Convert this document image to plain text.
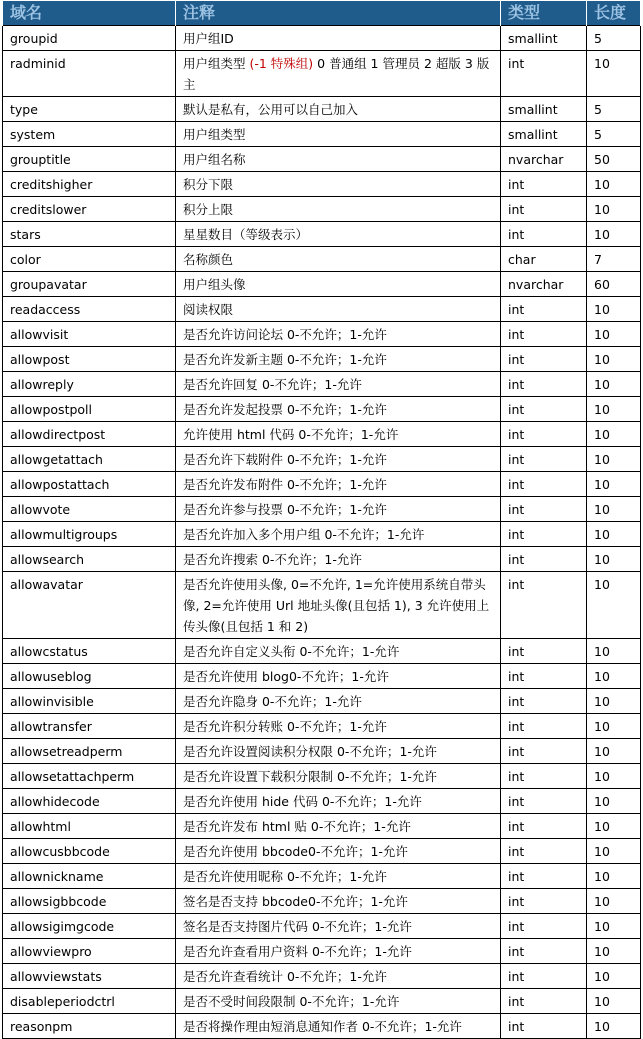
域名	注释	类型	长度
groupid	用户组ID	smallint	5
radminid	用户组类型 (-1 特殊组) 0 普通组 1 管理员 2 超版 3 版主	int	10
type	默认是私有，公用可以自己加入	smallint	5
system	用户组类型	smallint	5
grouptitle	用户组名称	nvarchar	50
creditshigher	积分下限	int	10
creditslower	积分上限	int	10
stars	星星数目（等级表示）	int	10
color	名称颜色	char	7
groupavatar	用户组头像	nvarchar	60
readaccess	阅读权限	int	10
allowvisit	是否允许访问论坛 0-不允许；1-允许	int	10
allowpost	是否允许发新主题 0-不允许；1-允许	int	10
allowreply	是否允许回复 0-不允许；1-允许	int	10
allowpostpoll	是否允许发起投票 0-不允许；1-允许	int	10
allowdirectpost	允许使用 html 代码 0-不允许；1-允许	int	10
allowgetattach	是否允许下载附件 0-不允许；1-允许	int	10
allowpostattach	是否允许发布附件 0-不允许；1-允许	int	10
allowvote	是否允许参与投票 0-不允许；1-允许	int	10
allowmultigroups	是否允许加入多个用户组 0-不允许；1-允许	int	10
allowsearch	是否允许搜索 0-不允许；1-允许	int	10
allowavatar	是否允许使用头像, 0=不允许, 1=允许使用系统自带头像, 2=允许使用 Url 地址头像(且包括 1), 3 允许使用上传头像(且包括 1 和 2)	int	10
allowcstatus	是否允许自定义头衔 0-不允许；1-允许	int	10
allowuseblog	是否允许使用 blog0-不允许；1-允许	int	10
allowinvisible	是否允许隐身 0-不允许；1-允许	int	10
allowtransfer	是否允许积分转账 0-不允许；1-允许	int	10
allowsetreadperm	是否允许设置阅读积分权限 0-不允许；1-允许	int	10
allowsetattachperm	是否允许设置下载积分限制 0-不允许；1-允许	int	10
allowhidecode	是否允许使用 hide 代码 0-不允许；1-允许	int	10
allowhtml	是否允许发布 html 贴 0-不允许；1-允许	int	10
allowcusbbcode	是否允许使用 bbcode0-不允许；1-允许	int	10
allownickname	是否允许使用昵称 0-不允许；1-允许	int	10
allowsigbbcode	签名是否支持 bbcode0-不允许；1-允许	int	10
allowsigimgcode	签名是否支持图片代码 0-不允许；1-允许	int	10
allowviewpro	是否允许查看用户资料 0-不允许；1-允许	int	10
allowviewstats	是否允许查看统计 0-不允许；1-允许	int	10
disableperiodctrl	是否不受时间段限制 0-不允许；1-允许	int	10
reasonpm	是否将操作理由短消息通知作者 0-不允许；1-允许	int	10
